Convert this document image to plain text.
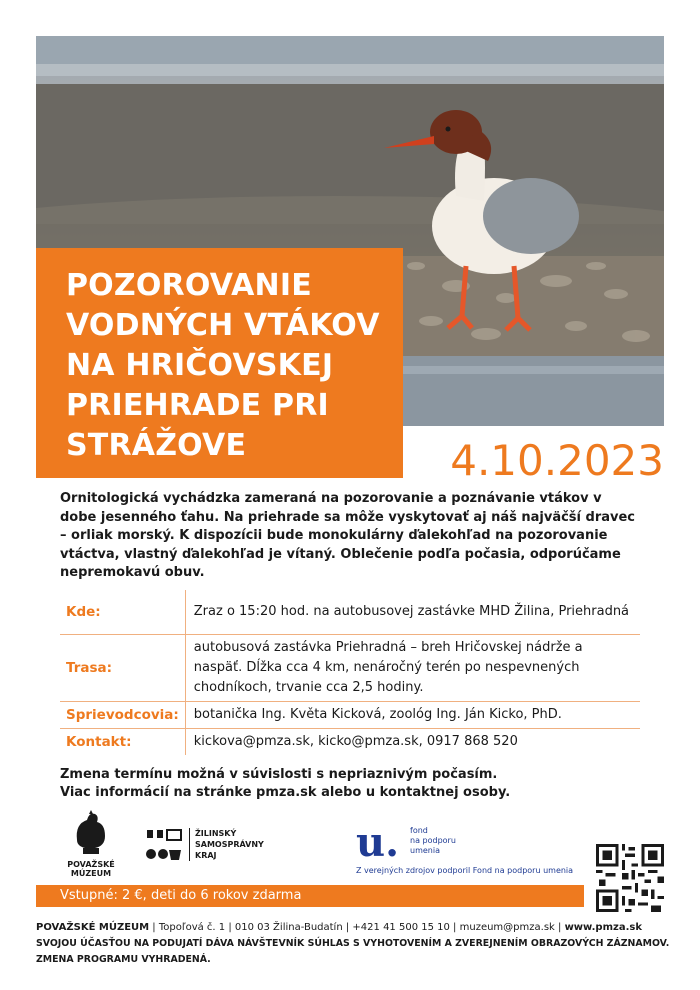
POZOROVANIE
VODNÝCH VTÁKOV
NA HRIČOVSKEJ
PRIEHRADE PRI
STRÁŽOVE	4.10.2023

Ornitologická vychádzka zameraná na pozorovanie a poznávanie vtákov v dobe jesenného ťahu. Na priehrade sa môže vyskytovať aj náš najväčší dravec – orliak morský. K dispozícii bude monokulárny ďalekohľad na pozorovanie vtáctva, vlastný ďalekohľad je vítaný. Oblečenie podľa počasia, odporúčame nepremokavú obuv.

Kde:	Zraz o 15:20 hod. na autobusovej zastávke MHD Žilina, Priehradná
Trasa:	autobusová zastávka Priehradná – breh Hričovskej nádrže a naspäť. Dĺžka cca 4 km, nenáročný terén po nespevnených chodníkoch, trvanie cca 2,5 hodiny.
Sprievodcovia:	botanička Ing. Květa Kicková, zoológ Ing. Ján Kicko, PhD.
Kontakt:	kickova@pmza.sk, kicko@pmza.sk, 0917 868 520
Zmena termínu možná v súvislosti s nepriaznivým počasím.
Viac informácií na stránke pmza.sk alebo u kontaktnej osoby.
POVAŽSKÉ
MÚZEUM
ŽILINSKÝ
SAMOSPRÁVNY
KRAJ	u. fond
na podporu
umenia
Z verejných zdrojov podporil Fond na podporu umenia
Vstupné: 2 €, deti do 6 rokov zdarma
POVAŽSKÉ MÚZEUM | Topoľová č. 1 | 010 03 Žilina-Budatín | +421 41 500 15 10 | muzeum@pmza.sk | www.pmza.sk
SVOJOU ÚČASŤOU NA PODUJATÍ DÁVA NÁVŠTEVNÍK SÚHLAS S VYHOTOVENÍM A ZVEREJNENÍM OBRAZOVÝCH ZÁZNAMOV.
ZMENA PROGRAMU VYHRADENÁ.
